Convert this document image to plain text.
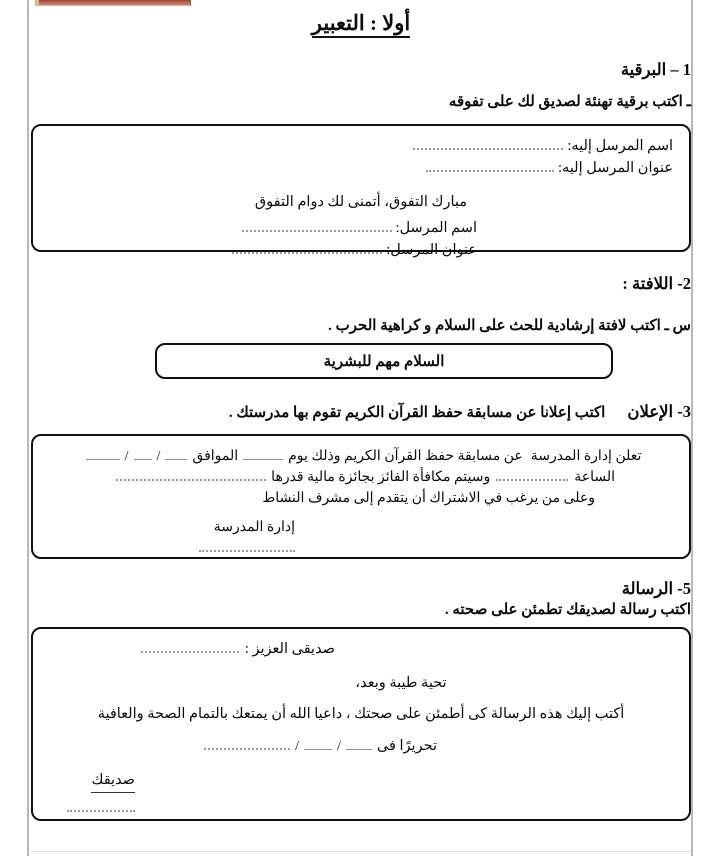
أولا : التعبير
1 – البرقية
ـ اكتب برقية تهنئة لصديق لك على تفوقه
اسم المرسل إليه:
عنوان المرسل إليه:
مبارك التفوق، أتمنى لك دوام التفوق
اسم المرسل:
عنوان المرسل:
2- اللافتة :
س ـ اكتب لافتة إرشادية للحث على السلام و كراهية الحرب .
السلام مهم للبشرية
3- الإعلان
اكتب إعلانا عن مسابقة حفظ القرآن الكريم تقوم بها مدرستك .
تعلن إدارة المدرسة
عن مسابقة حفظ القرآن الكريم وذلك يوم
الموافق
/
/
الساعة
وسيتم مكافأة الفائز بجائزة مالية قدرها
وعلى من يرغب في الاشتراك أن يتقدم إلى مشرف النشاط
إدارة المدرسة
5- الرسالة
اكتب رسالة لصديقك تطمئن على صحته .
صديقى العزيز :
تحية طيبة وبعد،
أكتب إليك هذه الرسالة كى أطمئن على صحتك ، داعيا الله أن يمتعك بالتمام الصحة والعافية
تحريرًا فى
/
/
صديقك
